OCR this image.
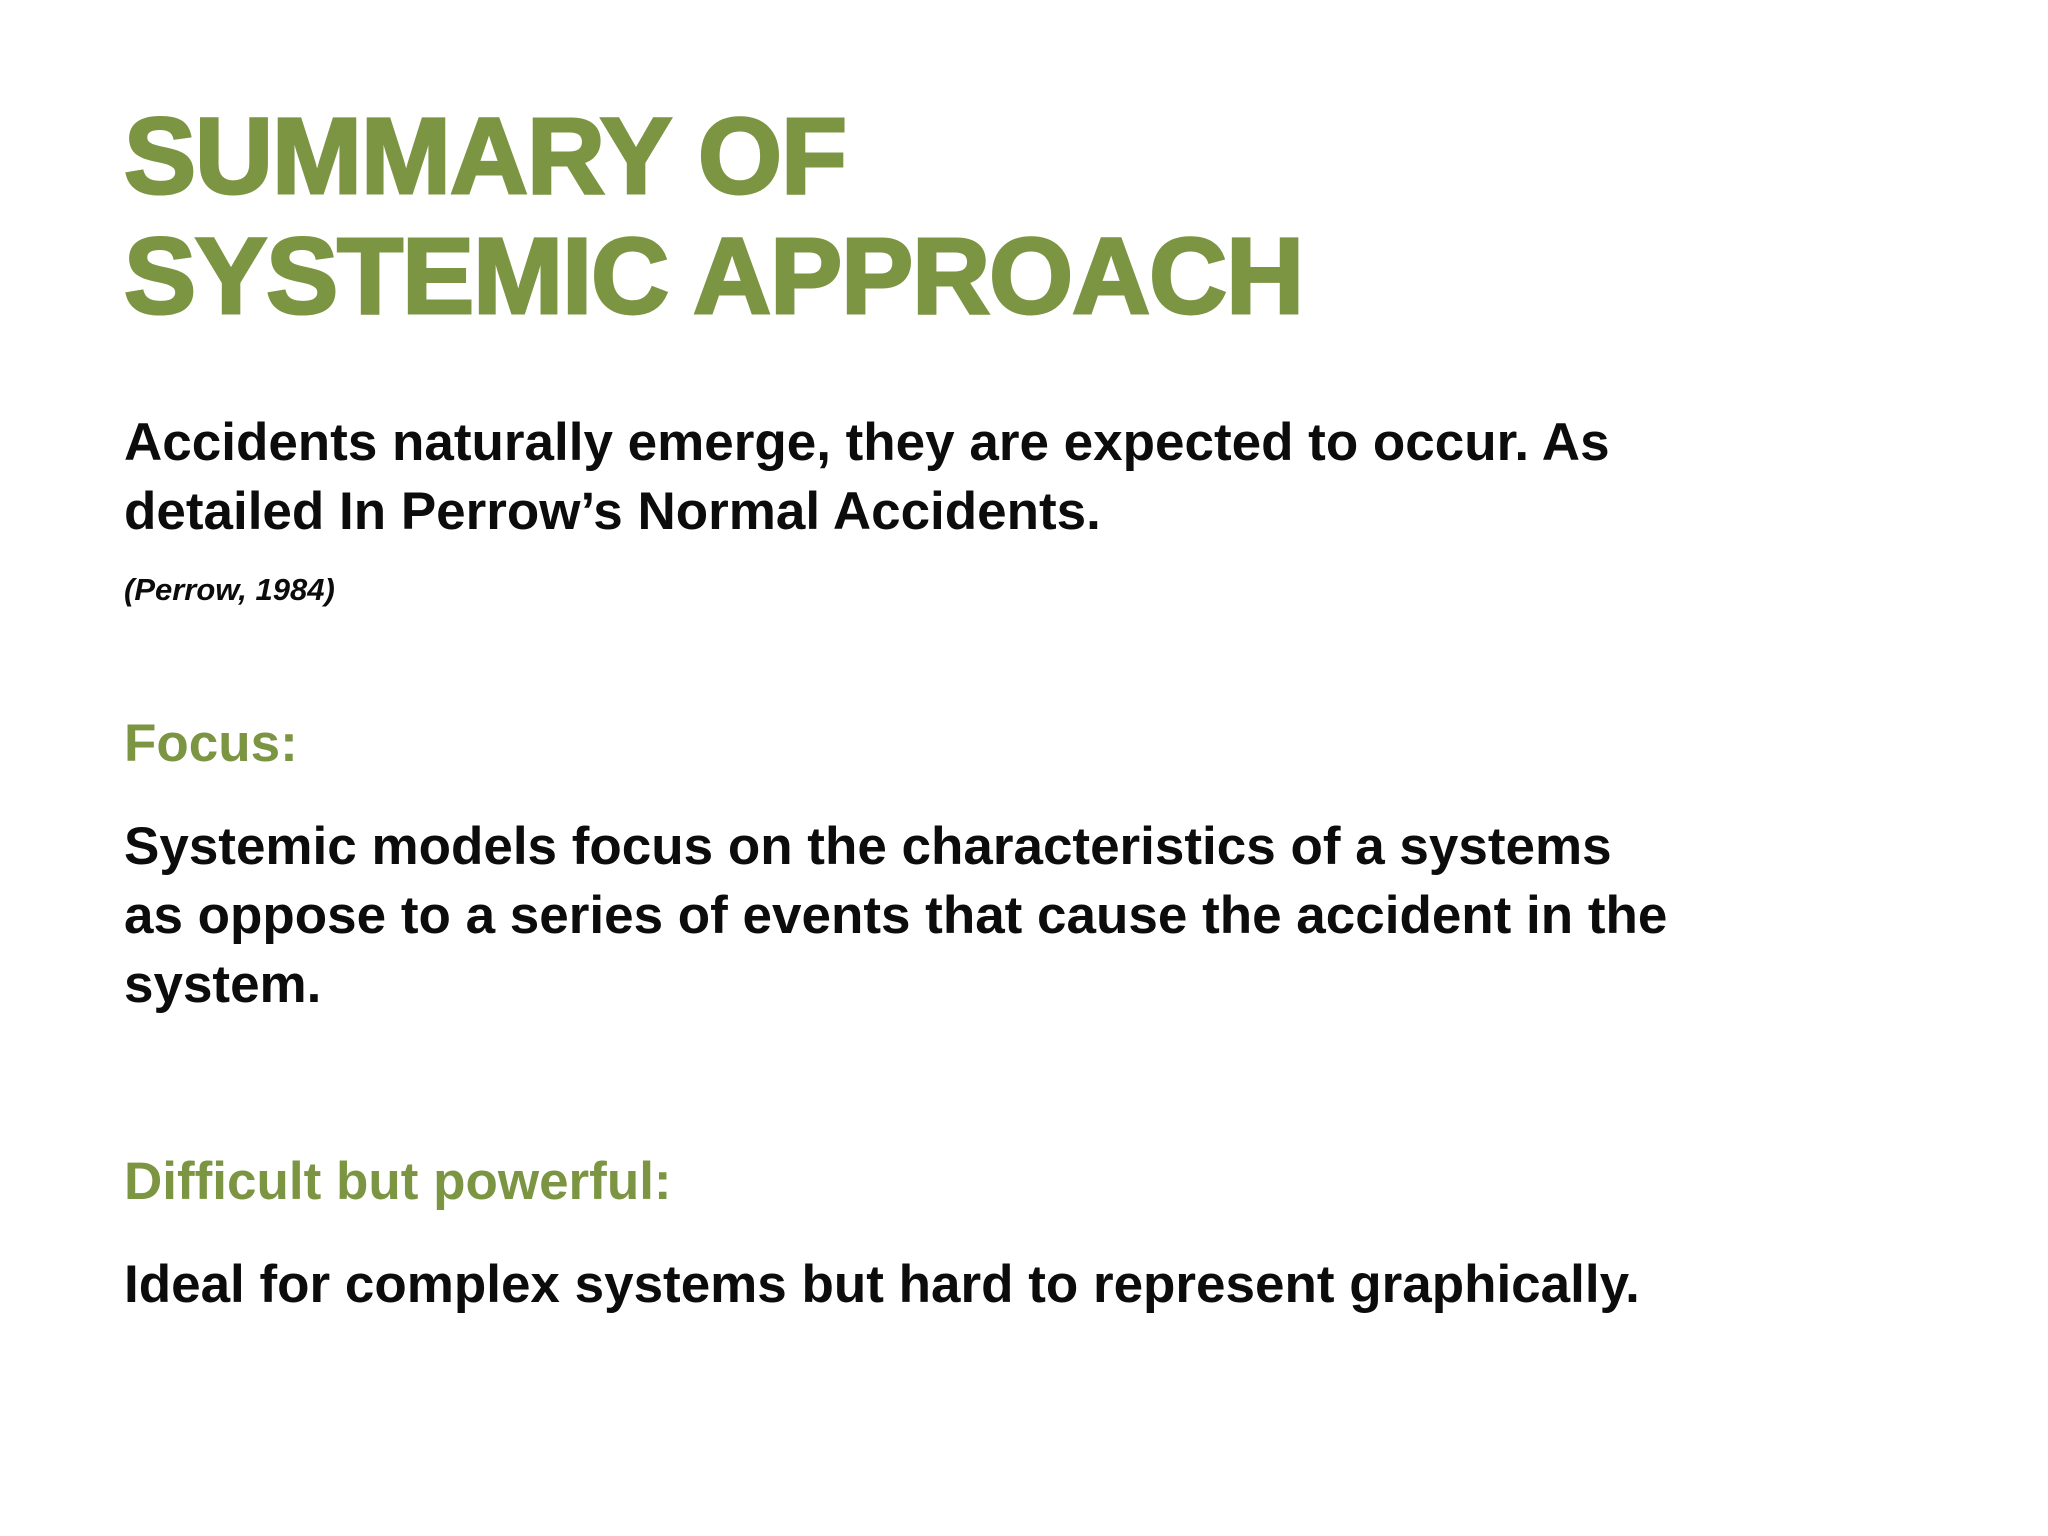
SUMMARY OF
SYSTEMIC APPROACH

Accidents naturally emerge, they are expected to occur. As
detailed In Perrow’s Normal Accidents.

(Perrow, 1984)

Focus:

Systemic models focus on the characteristics of a systems
as oppose to a series of events that cause the accident in the
system.

Difficult but powerful:

Ideal for complex systems but hard to represent graphically.
